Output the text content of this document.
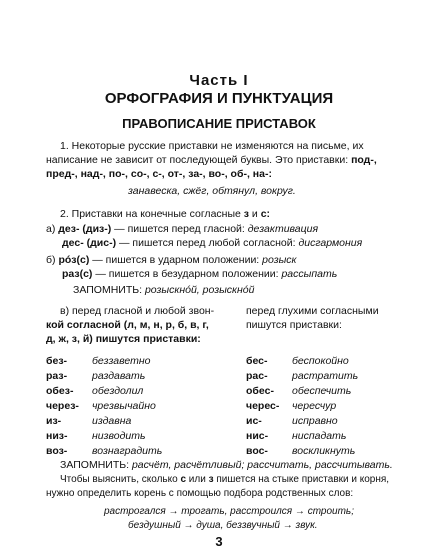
Часть I
ОРФОГРАФИЯ И ПУНКТУАЦИЯ
ПРАВОПИСАНИЕ ПРИСТАВОК
1. Некоторые русские приставки не изменяются на письме, их
написание не зависит от последующей буквы. Это приставки: под-,
пред-, над-, по-, со-, с-, от-, за-, во-, об-, на-:
занавеска, сжёг, обтянул, вокруг.
2. Приставки на конечные согласные з и с:
а) дез- (диз-) — пишется перед гласной: дезактивация
дес- (дис-) — пишется перед любой согласной: дисгармония
б) рóз(с) — пишется в ударном положении: розыск
раз(с) — пишется в безударном положении: рассыпать
ЗАПОМНИТЬ: розыскнóй, розыскнóй
в) перед гласной и любой звон-
кой согласной (л, м, н, р, б, в, г,
д, ж, з, й) пишутся приставки:
перед глухими согласными
пишутся приставки:
без- беззаветно
раз- раздавать
обез- обездолил
через- чрезвычайно
из-	издавна
низ- низводить
воз- вознаградить
бес- беспокойно
рас- растратить
обес- обеспечить
черес- чересчур
ис-	исправно
нис- ниспадать
вос- воскликнуть
ЗАПОМНИТЬ: расчёт, расчётливый; рассчитать, рассчитывать.
Чтобы выяснить, сколько с или з пишется на стыке приставки и корня,
нужно определить корень с помощью подбора родственных слов:
растрогался → трогать, расстроился → строить;
бездушный → душа, беззвучный → звук.
3
